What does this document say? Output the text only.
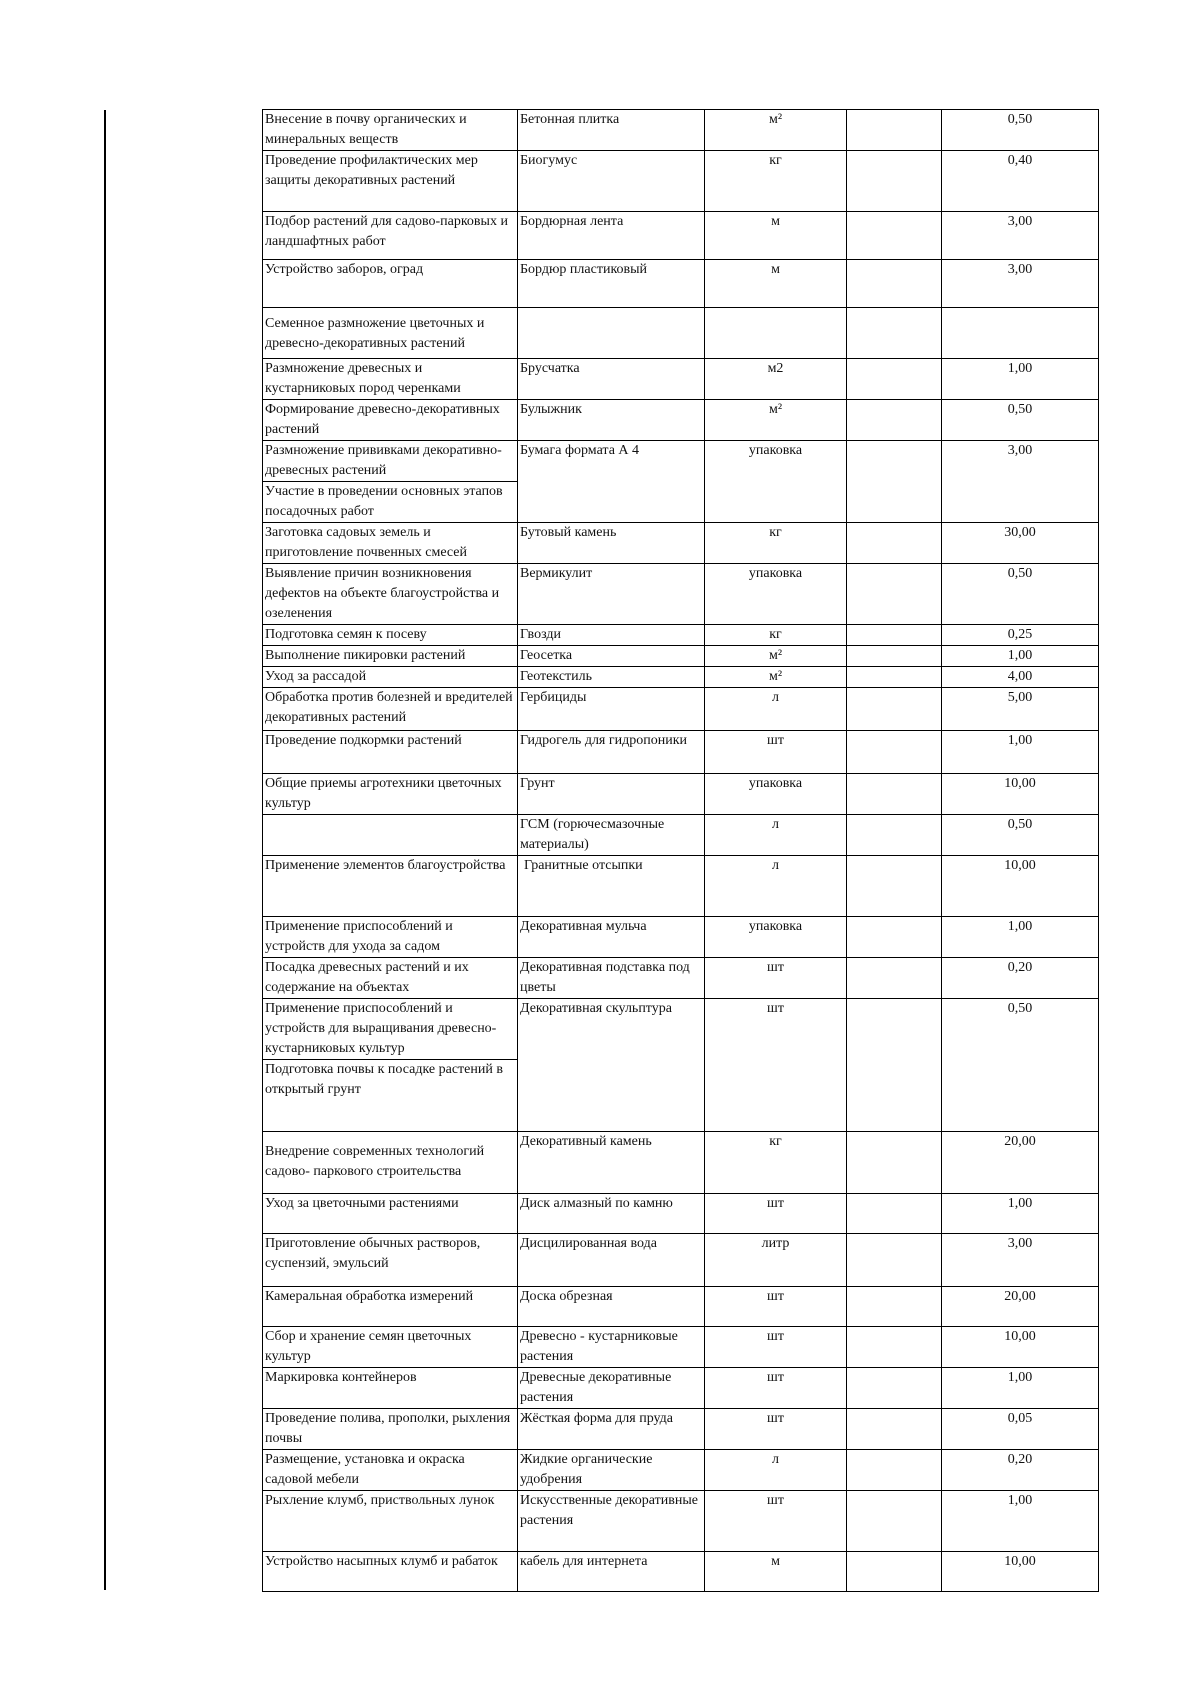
Внесение в почву органических и минеральных веществ	Бетонная плитка	м²		0,50
Проведение профилактических мер защиты декоративных растений	Биогумус	кг		0,40
Подбор растений для садово-парковых и ландшафтных работ	Бордюрная лента	м		3,00
Устройство заборов, оград	Бордюр пластиковый	м		3,00
Семенное размножение цветочных и древесно-декоративных растений				
Размножение древесных и кустарниковых пород черенками	Брусчатка	м2		1,00
Формирование древесно-декоративных растений	Булыжник	м²		0,50
Размножение прививками декоративно- древесных растений	Бумага формата А 4	упаковка		3,00
Участие в проведении основных этапов посадочных работ				
Заготовка садовых земель и приготовление почвенных смесей	Бутовый камень	кг		30,00
Выявление причин возникновения дефектов на объекте благоустройства и озеленения	Вермикулит	упаковка		0,50
Подготовка семян к посеву	Гвозди	кг		0,25
Выполнение пикировки растений	Геосетка	м²		1,00
Уход за рассадой	Геотекстиль	м²		4,00
Обработка против болезней и вредителей декоративных растений	Гербициды	л		5,00
Проведение подкормки растений	Гидрогель для гидропоники	шт		1,00
Общие приемы агротехники цветочных культур	Грунт	упаковка		10,00
	ГСМ (горючесмазочные материалы)	л		0,50
Применение элементов благоустройства	Гранитные отсыпки	л		10,00
Применение приспособлений и устройств для ухода за садом	Декоративная мульча	упаковка		1,00
Посадка древесных растений и их содержание на объектах	Декоративная подставка под цветы	шт		0,20
Применение приспособлений и устройств для выращивания древесно-кустарниковых культур	Декоративная скульптура	шт		0,50
Подготовка почвы к посадке растений в открытый грунт				
Внедрение современных технологий садово- паркового строительства	Декоративный камень	кг		20,00
Уход за цветочными растениями	Диск алмазный по камню	шт		1,00
Приготовление обычных растворов, суспензий, эмульсий	Дисцилированная вода	литр		3,00
Камеральная обработка измерений	Доска обрезная	шт		20,00
Сбор и хранение семян цветочных культур	Древесно - кустарниковые растения	шт		10,00
Маркировка контейнеров	Древесные декоративные растения	шт		1,00
Проведение полива, прополки, рыхления почвы	Жёсткая форма для пруда	шт		0,05
Размещение, установка и окраска садовой мебели	Жидкие органические удобрения	л		0,20
Рыхление клумб, приствольных лунок	Искусственные декоративные растения	шт		1,00
Устройство насыпных клумб и рабаток	кабель для интернета	м		10,00
